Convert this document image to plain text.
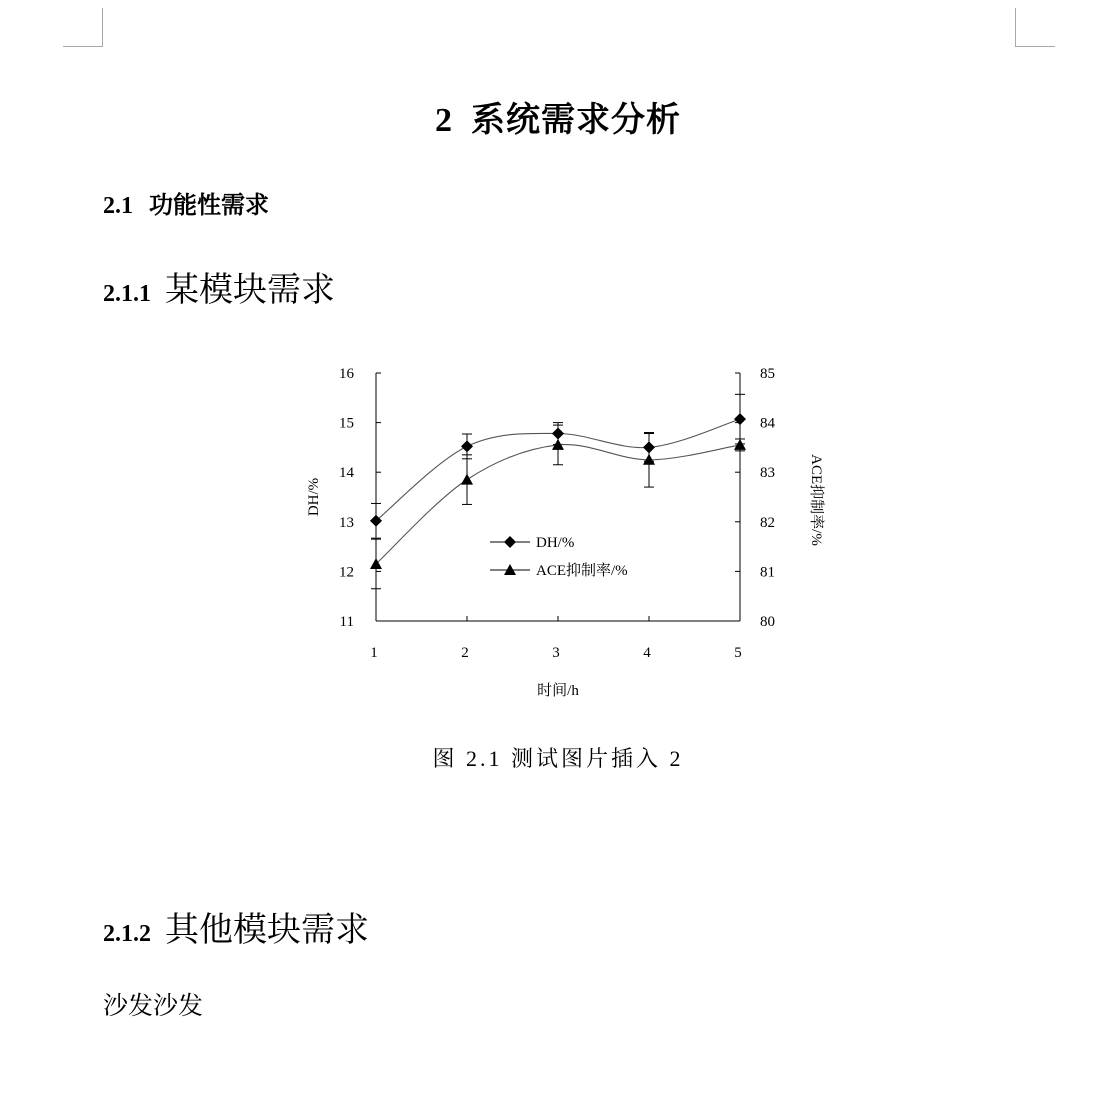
2 系统需求分析
2.1 功能性需求
2.1.1 某模块需求
11
12
13
14
15
16
80
81
82
83
84
85
1	2	3	4	5
时间/h
DH/%	ACE抑制率/%
DH/%
ACE抑制率/%
图 2.1 测试图片插入 2
2.1.2 其他模块需求
沙发沙发
